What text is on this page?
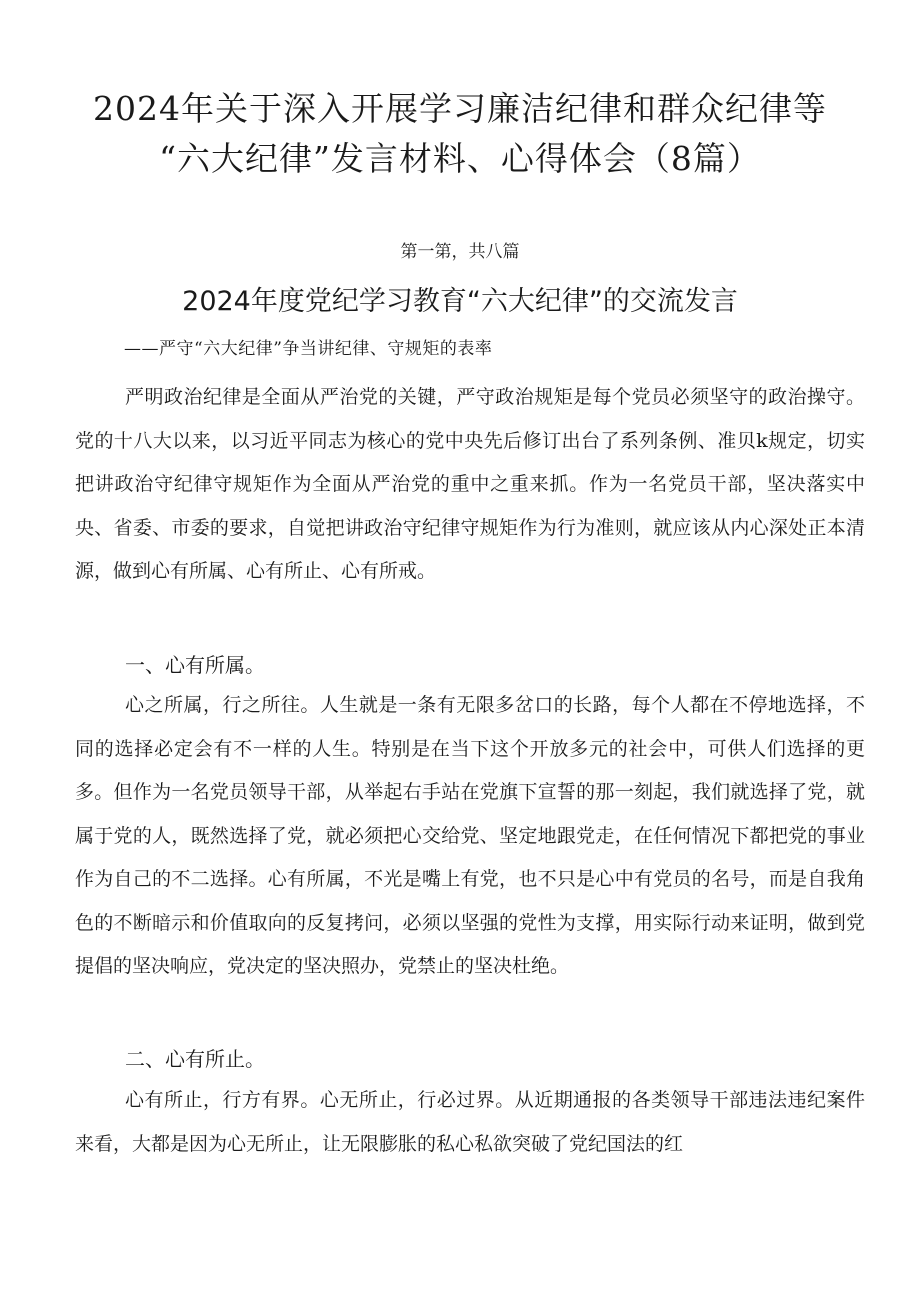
2024年关于深入开展学习廉洁纪律和群众纪律等
“六大纪律”发言材料、心得体会（8篇）

第一第，共八篇

2024年度党纪学习教育“六大纪律”的交流发言

——严守“六大纪律”争当讲纪律、守规矩的表率

严明政治纪律是全面从严治党的关键，严守政治规矩是每个党员必须坚守的政治操守。党的十八大以来，以习近平同志为核心的党中央先后修订出台了系列条例、准贝k规定，切实把讲政治守纪律守规矩作为全面从严治党的重中之重来抓。作为一名党员干部，坚决落实中央、省委、市委的要求，自觉把讲政治守纪律守规矩作为行为准则，就应该从内心深处正本清源，做到心有所属、心有所止、心有所戒。

一、心有所属。

心之所属，行之所往。人生就是一条有无限多岔口的长路，每个人都在不停地选择，不同的选择必定会有不一样的人生。特别是在当下这个开放多元的社会中，可供人们选择的更多。但作为一名党员领导干部，从举起右手站在党旗下宣誓的那一刻起，我们就选择了党，就属于党的人，既然选择了党，就必须把心交给党、坚定地跟党走，在任何情况下都把党的事业作为自己的不二选择。心有所属，不光是嘴上有党，也不只是心中有党员的名号，而是自我角色的不断暗示和价值取向的反复拷问，必须以坚强的党性为支撑，用实际行动来证明，做到党提倡的坚决响应，党决定的坚决照办，党禁止的坚决杜绝。

二、心有所止。

心有所止，行方有界。心无所止，行必过界。从近期通报的各类领导干部违法违纪案件来看，大都是因为心无所止，让无限膨胀的私心私欲突破了党纪国法的红
